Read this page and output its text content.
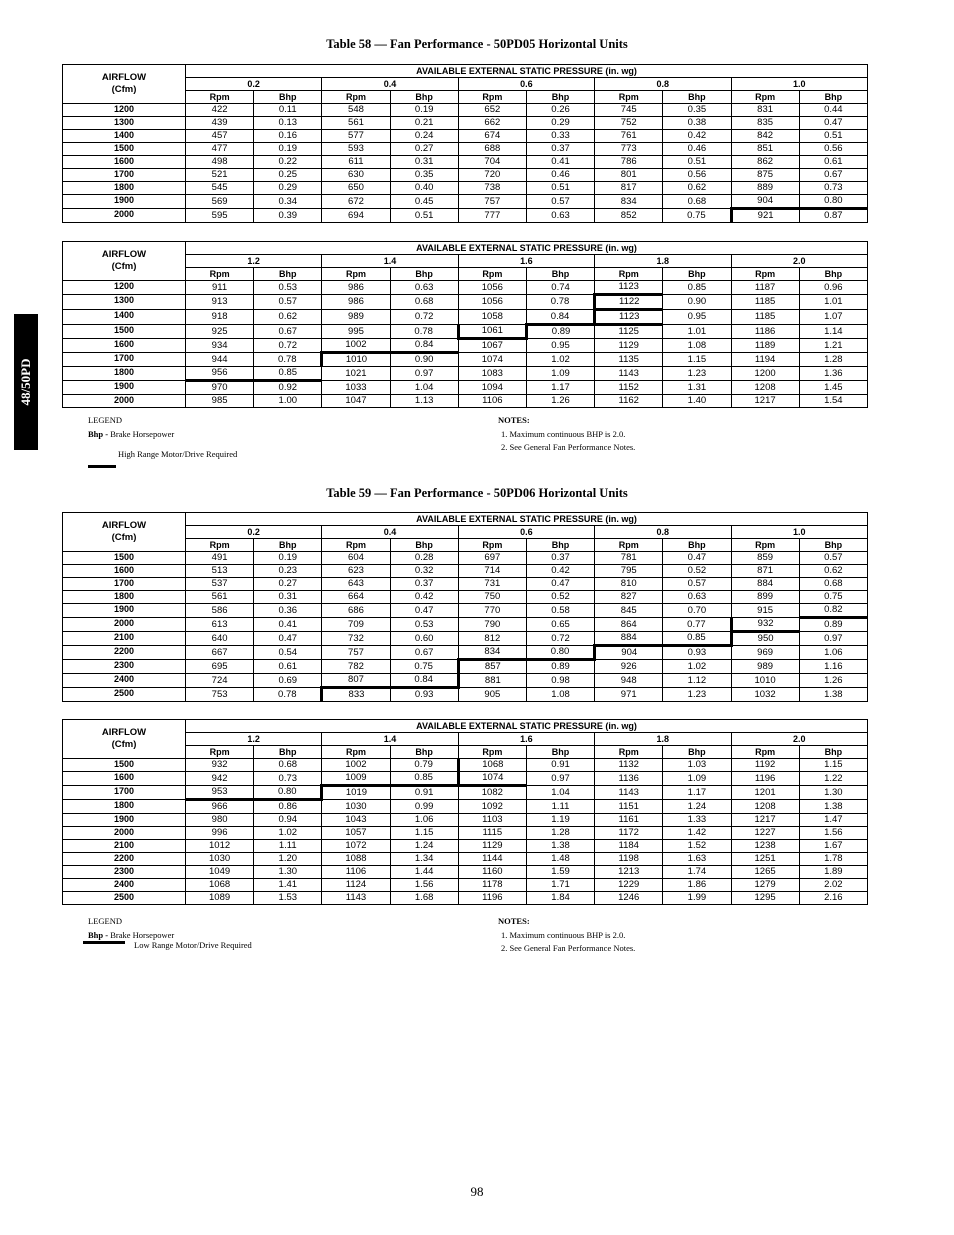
48/50PD
Table 58 — Fan Performance - 50PD05 Horizontal Units
AIRFLOW
(Cfm)	AVAILABLE EXTERNAL STATIC PRESSURE (in. wg)									
	0.2		0.4		0.6		0.8		1.0	
	Rpm	Bhp	Rpm	Bhp	Rpm	Bhp	Rpm	Bhp	Rpm	Bhp
1200	422	0.11	548	0.19	652	0.26	745	0.35	831	0.44
1300	439	0.13	561	0.21	662	0.29	752	0.38	835	0.47
1400	457	0.16	577	0.24	674	0.33	761	0.42	842	0.51
1500	477	0.19	593	0.27	688	0.37	773	0.46	851	0.56
1600	498	0.22	611	0.31	704	0.41	786	0.51	862	0.61
1700	521	0.25	630	0.35	720	0.46	801	0.56	875	0.67
1800	545	0.29	650	0.40	738	0.51	817	0.62	889	0.73
1900	569	0.34	672	0.45	757	0.57	834	0.68	904	0.80
2000	595	0.39	694	0.51	777	0.63	852	0.75	921	0.87
AIRFLOW
(Cfm)	AVAILABLE EXTERNAL STATIC PRESSURE (in. wg)									
	1.2		1.4		1.6		1.8		2.0	
	Rpm	Bhp	Rpm	Bhp	Rpm	Bhp	Rpm	Bhp	Rpm	Bhp
1200	911	0.53	986	0.63	1056	0.74	1123	0.85	1187	0.96
1300	913	0.57	986	0.68	1056	0.78	1122	0.90	1185	1.01
1400	918	0.62	989	0.72	1058	0.84	1123	0.95	1185	1.07
1500	925	0.67	995	0.78	1061	0.89	1125	1.01	1186	1.14
1600	934	0.72	1002	0.84	1067	0.95	1129	1.08	1189	1.21
1700	944	0.78	1010	0.90	1074	1.02	1135	1.15	1194	1.28
1800	956	0.85	1021	0.97	1083	1.09	1143	1.23	1200	1.36
1900	970	0.92	1033	1.04	1094	1.17	1152	1.31	1208	1.45
2000	985	1.00	1047	1.13	1106	1.26	1162	1.40	1217	1.54
LEGEND
Bhp - Brake Horsepower
High Range Motor/Drive Required
NOTES:
1. Maximum continuous BHP is 2.0.
2. See General Fan Performance Notes.
Table 59 — Fan Performance - 50PD06 Horizontal Units
AIRFLOW
(Cfm)	AVAILABLE EXTERNAL STATIC PRESSURE (in. wg)									
	0.2		0.4		0.6		0.8		1.0	
	Rpm	Bhp	Rpm	Bhp	Rpm	Bhp	Rpm	Bhp	Rpm	Bhp
1500	491	0.19	604	0.28	697	0.37	781	0.47	859	0.57
1600	513	0.23	623	0.32	714	0.42	795	0.52	871	0.62
1700	537	0.27	643	0.37	731	0.47	810	0.57	884	0.68
1800	561	0.31	664	0.42	750	0.52	827	0.63	899	0.75
1900	586	0.36	686	0.47	770	0.58	845	0.70	915	0.82
2000	613	0.41	709	0.53	790	0.65	864	0.77	932	0.89
2100	640	0.47	732	0.60	812	0.72	884	0.85	950	0.97
2200	667	0.54	757	0.67	834	0.80	904	0.93	969	1.06
2300	695	0.61	782	0.75	857	0.89	926	1.02	989	1.16
2400	724	0.69	807	0.84	881	0.98	948	1.12	1010	1.26
2500	753	0.78	833	0.93	905	1.08	971	1.23	1032	1.38
AIRFLOW
(Cfm)	AVAILABLE EXTERNAL STATIC PRESSURE (in. wg)									
	1.2		1.4		1.6		1.8		2.0	
	Rpm	Bhp	Rpm	Bhp	Rpm	Bhp	Rpm	Bhp	Rpm	Bhp
1500	932	0.68	1002	0.79	1068	0.91	1132	1.03	1192	1.15
1600	942	0.73	1009	0.85	1074	0.97	1136	1.09	1196	1.22
1700	953	0.80	1019	0.91	1082	1.04	1143	1.17	1201	1.30
1800	966	0.86	1030	0.99	1092	1.11	1151	1.24	1208	1.38
1900	980	0.94	1043	1.06	1103	1.19	1161	1.33	1217	1.47
2000	996	1.02	1057	1.15	1115	1.28	1172	1.42	1227	1.56
2100	1012	1.11	1072	1.24	1129	1.38	1184	1.52	1238	1.67
2200	1030	1.20	1088	1.34	1144	1.48	1198	1.63	1251	1.78
2300	1049	1.30	1106	1.44	1160	1.59	1213	1.74	1265	1.89
2400	1068	1.41	1124	1.56	1178	1.71	1229	1.86	1279	2.02
2500	1089	1.53	1143	1.68	1196	1.84	1246	1.99	1295	2.16
LEGEND
Bhp - Brake Horsepower
Low Range Motor/Drive Required
NOTES:
1. Maximum continuous BHP is 2.0.
2. See General Fan Performance Notes.
98
